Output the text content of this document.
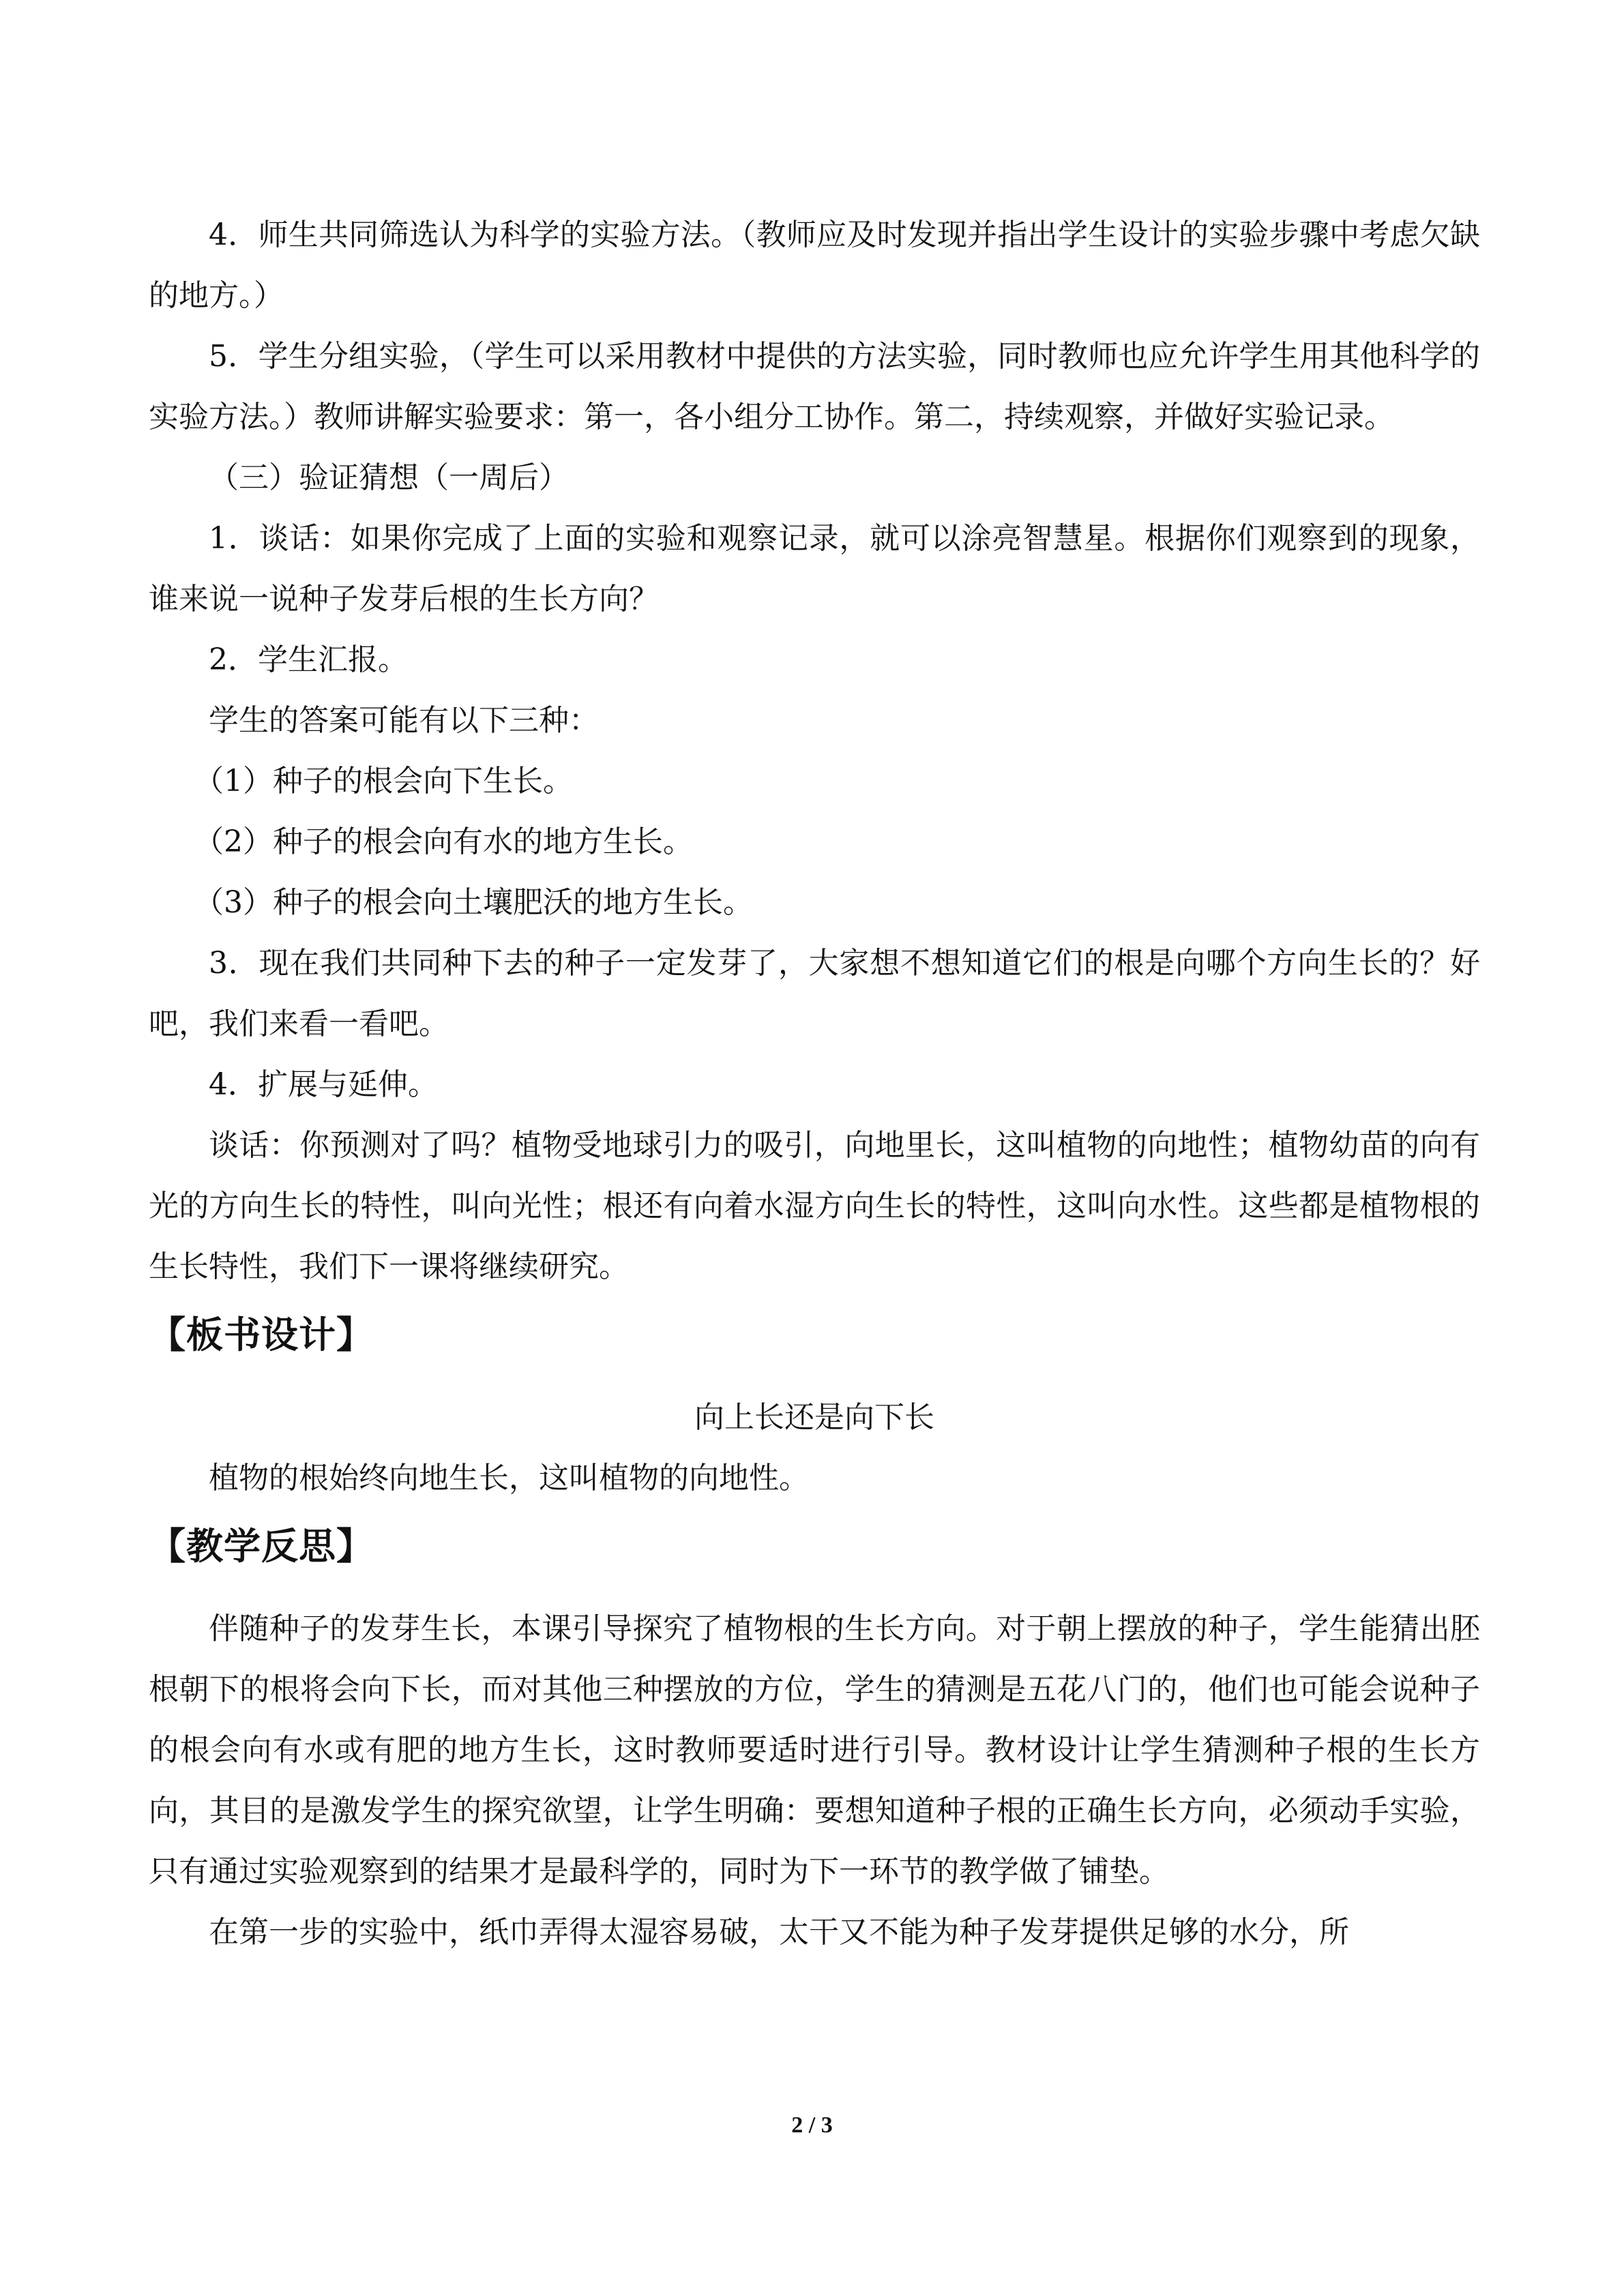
4．师生共同筛选认为科学的实验方法。（教师应及时发现并指出学生设计的实验步骤中考虑欠缺的地方。）

5．学生分组实验，（学生可以采用教材中提供的方法实验，同时教师也应允许学生用其他科学的实验方法。）教师讲解实验要求：第一，各小组分工协作。第二，持续观察，并做好实验记录。

（三）验证猜想（一周后）

1．谈话：如果你完成了上面的实验和观察记录，就可以涂亮智慧星。根据你们观察到的现象，谁来说一说种子发芽后根的生长方向？

2．学生汇报。

学生的答案可能有以下三种：

（1）种子的根会向下生长。

（2）种子的根会向有水的地方生长。

（3）种子的根会向土壤肥沃的地方生长。

3．现在我们共同种下去的种子一定发芽了，大家想不想知道它们的根是向哪个方向生长的？好吧，我们来看一看吧。

4．扩展与延伸。

谈话：你预测对了吗？植物受地球引力的吸引，向地里长，这叫植物的向地性；植物幼苗的向有光的方向生长的特性，叫向光性；根还有向着水湿方向生长的特性，这叫向水性。这些都是植物根的生长特性，我们下一课将继续研究。

【板书设计】

向上长还是向下长

植物的根始终向地生长，这叫植物的向地性。

【教学反思】

伴随种子的发芽生长，本课引导探究了植物根的生长方向。对于朝上摆放的种子，学生能猜出胚根朝下的根将会向下长，而对其他三种摆放的方位，学生的猜测是五花八门的，他们也可能会说种子的根会向有水或有肥的地方生长，这时教师要适时进行引导。教材设计让学生猜测种子根的生长方向，其目的是激发学生的探究欲望，让学生明确：要想知道种子根的正确生长方向，必须动手实验，只有通过实验观察到的结果才是最科学的，同时为下一环节的教学做了铺垫。

在第一步的实验中，纸巾弄得太湿容易破，太干又不能为种子发芽提供足够的水分，所

2 / 3
